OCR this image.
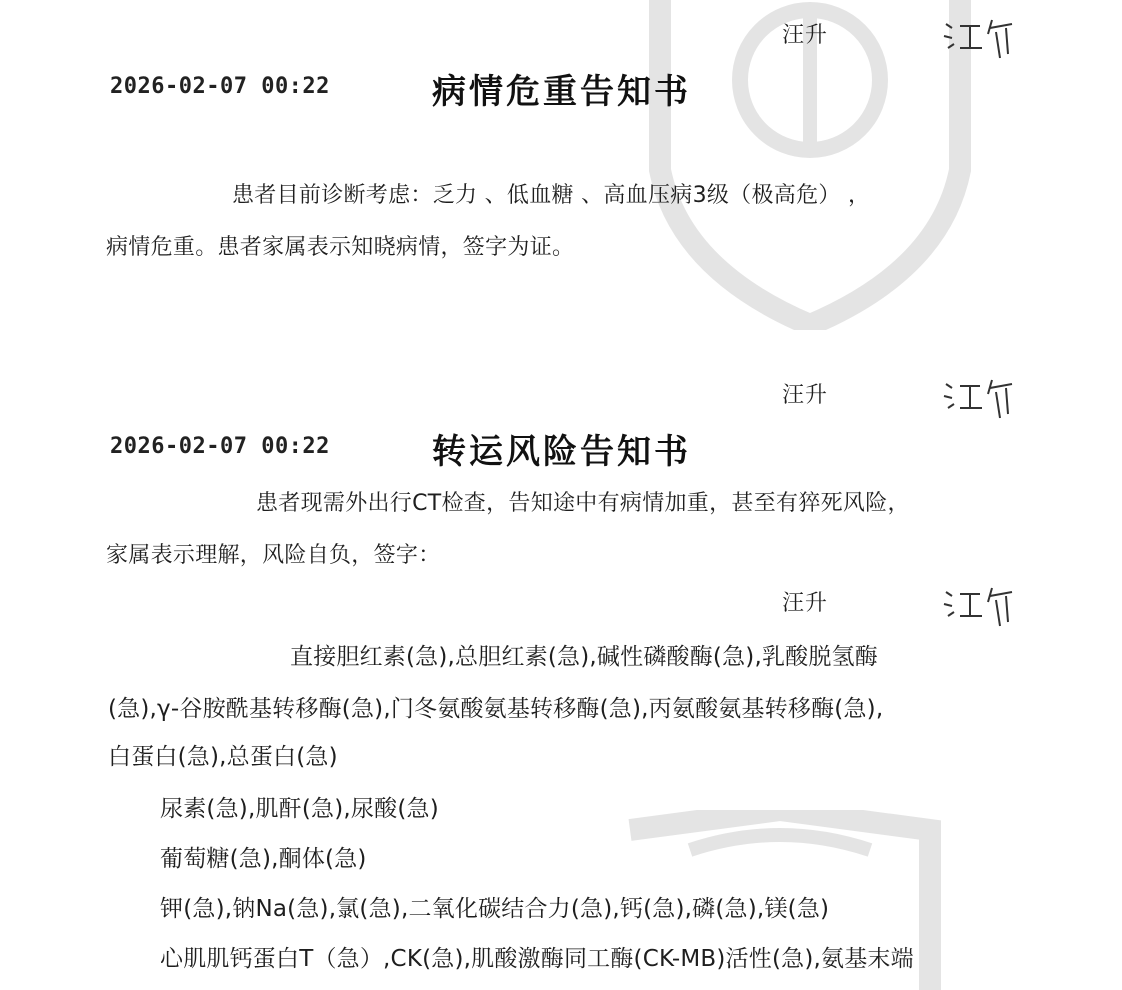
汪升
2026-02-07 00:22	病情危重告知书
患者目前诊断考虑：乏力 、低血糖 、高血压病3级（极高危） ，
病情危重。患者家属表示知晓病情，签字为证。
汪升
2026-02-07 00:22	转运风险告知书
患者现需外出行CT检查，告知途中有病情加重，甚至有猝死风险，
家属表示理解，风险自负，签字：
汪升
直接胆红素(急),总胆红素(急),碱性磷酸酶(急),乳酸脱氢酶
(急),γ-谷胺酰基转移酶(急),门冬氨酸氨基转移酶(急),丙氨酸氨基转移酶(急),
白蛋白(急),总蛋白(急)
尿素(急),肌酐(急),尿酸(急)
葡萄糖(急),酮体(急)
钾(急),钠Na(急),氯(急),二氧化碳结合力(急),钙(急),磷(急),镁(急)
心肌肌钙蛋白T（急）,CK(急),肌酸激酶同工酶(CK-MB)活性(急),氨基末端
